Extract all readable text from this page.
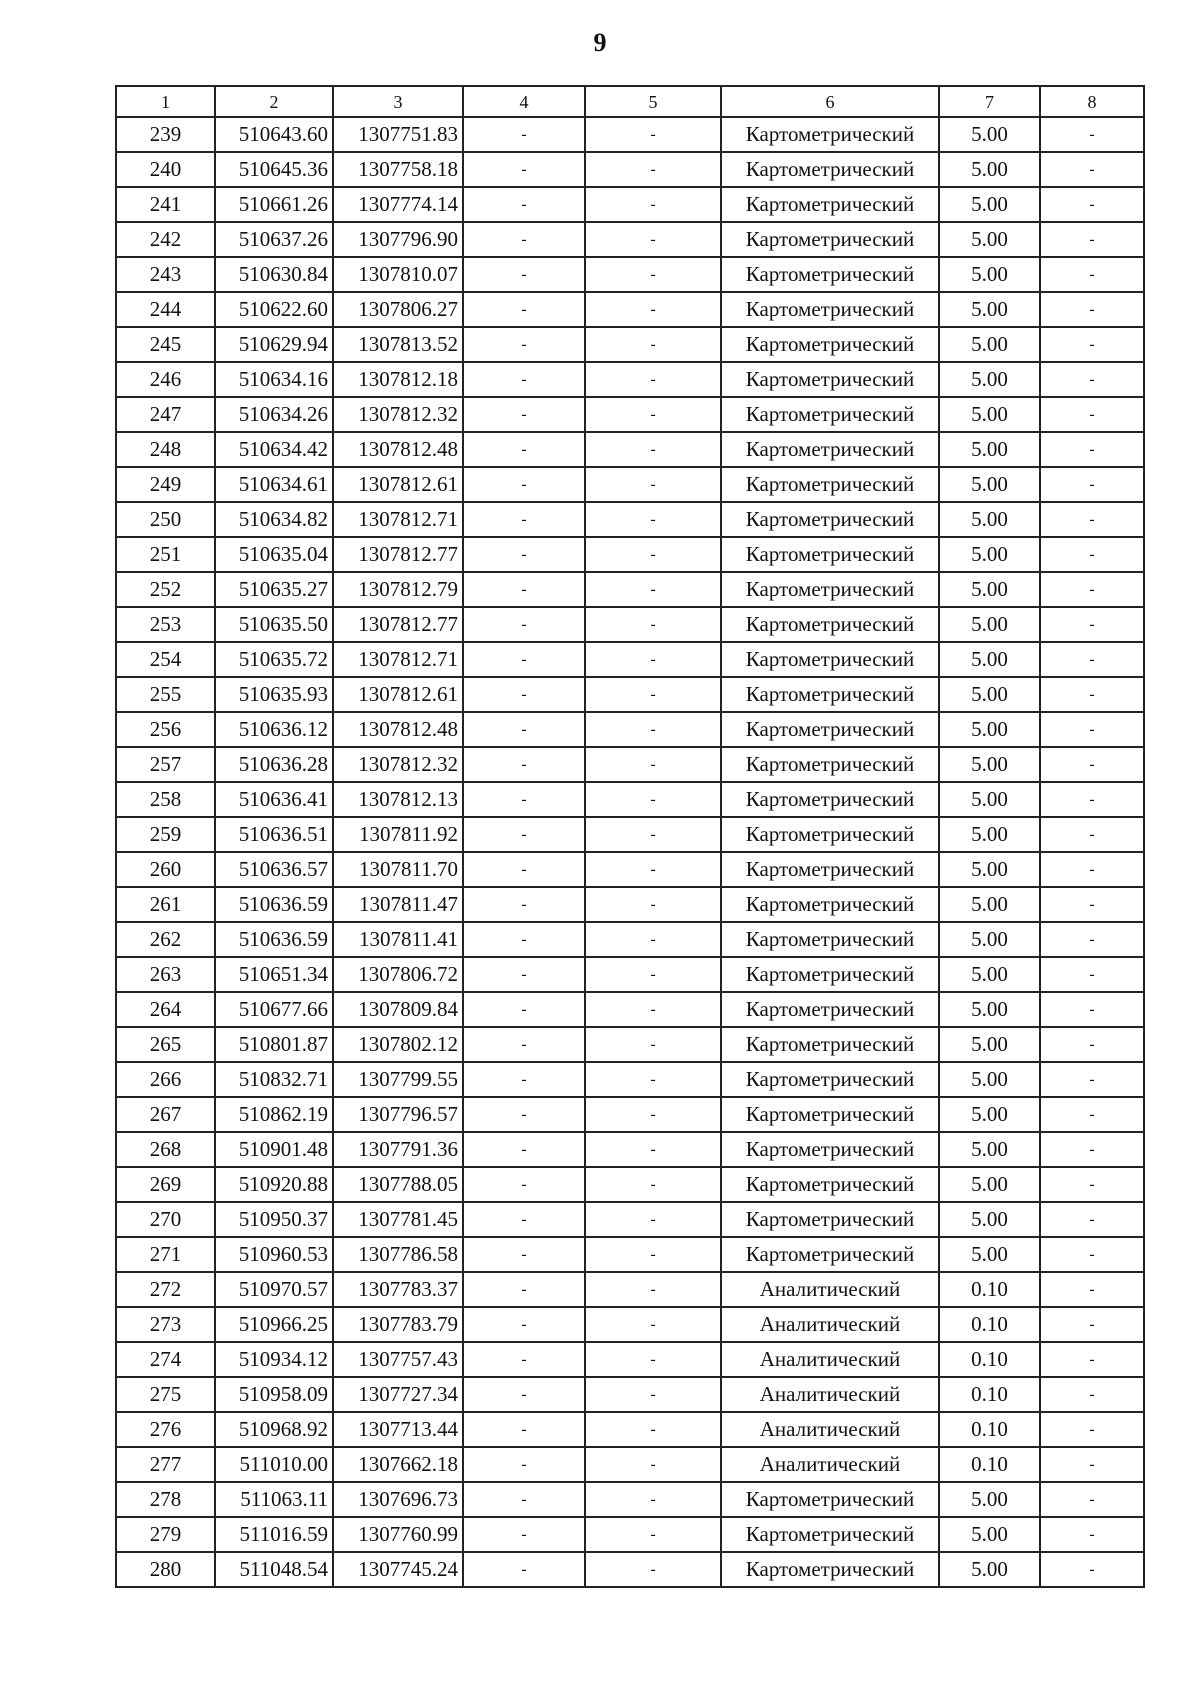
9
1	2	3	4	5	6	7	8
239	510643.60	1307751.83	-	-	Картометрический	5.00	-
240	510645.36	1307758.18	-	-	Картометрический	5.00	-
241	510661.26	1307774.14	-	-	Картометрический	5.00	-
242	510637.26	1307796.90	-	-	Картометрический	5.00	-
243	510630.84	1307810.07	-	-	Картометрический	5.00	-
244	510622.60	1307806.27	-	-	Картометрический	5.00	-
245	510629.94	1307813.52	-	-	Картометрический	5.00	-
246	510634.16	1307812.18	-	-	Картометрический	5.00	-
247	510634.26	1307812.32	-	-	Картометрический	5.00	-
248	510634.42	1307812.48	-	-	Картометрический	5.00	-
249	510634.61	1307812.61	-	-	Картометрический	5.00	-
250	510634.82	1307812.71	-	-	Картометрический	5.00	-
251	510635.04	1307812.77	-	-	Картометрический	5.00	-
252	510635.27	1307812.79	-	-	Картометрический	5.00	-
253	510635.50	1307812.77	-	-	Картометрический	5.00	-
254	510635.72	1307812.71	-	-	Картометрический	5.00	-
255	510635.93	1307812.61	-	-	Картометрический	5.00	-
256	510636.12	1307812.48	-	-	Картометрический	5.00	-
257	510636.28	1307812.32	-	-	Картометрический	5.00	-
258	510636.41	1307812.13	-	-	Картометрический	5.00	-
259	510636.51	1307811.92	-	-	Картометрический	5.00	-
260	510636.57	1307811.70	-	-	Картометрический	5.00	-
261	510636.59	1307811.47	-	-	Картометрический	5.00	-
262	510636.59	1307811.41	-	-	Картометрический	5.00	-
263	510651.34	1307806.72	-	-	Картометрический	5.00	-
264	510677.66	1307809.84	-	-	Картометрический	5.00	-
265	510801.87	1307802.12	-	-	Картометрический	5.00	-
266	510832.71	1307799.55	-	-	Картометрический	5.00	-
267	510862.19	1307796.57	-	-	Картометрический	5.00	-
268	510901.48	1307791.36	-	-	Картометрический	5.00	-
269	510920.88	1307788.05	-	-	Картометрический	5.00	-
270	510950.37	1307781.45	-	-	Картометрический	5.00	-
271	510960.53	1307786.58	-	-	Картометрический	5.00	-
272	510970.57	1307783.37	-	-	Аналитический	0.10	-
273	510966.25	1307783.79	-	-	Аналитический	0.10	-
274	510934.12	1307757.43	-	-	Аналитический	0.10	-
275	510958.09	1307727.34	-	-	Аналитический	0.10	-
276	510968.92	1307713.44	-	-	Аналитический	0.10	-
277	511010.00	1307662.18	-	-	Аналитический	0.10	-
278	511063.11	1307696.73	-	-	Картометрический	5.00	-
279	511016.59	1307760.99	-	-	Картометрический	5.00	-
280	511048.54	1307745.24	-	-	Картометрический	5.00	-
